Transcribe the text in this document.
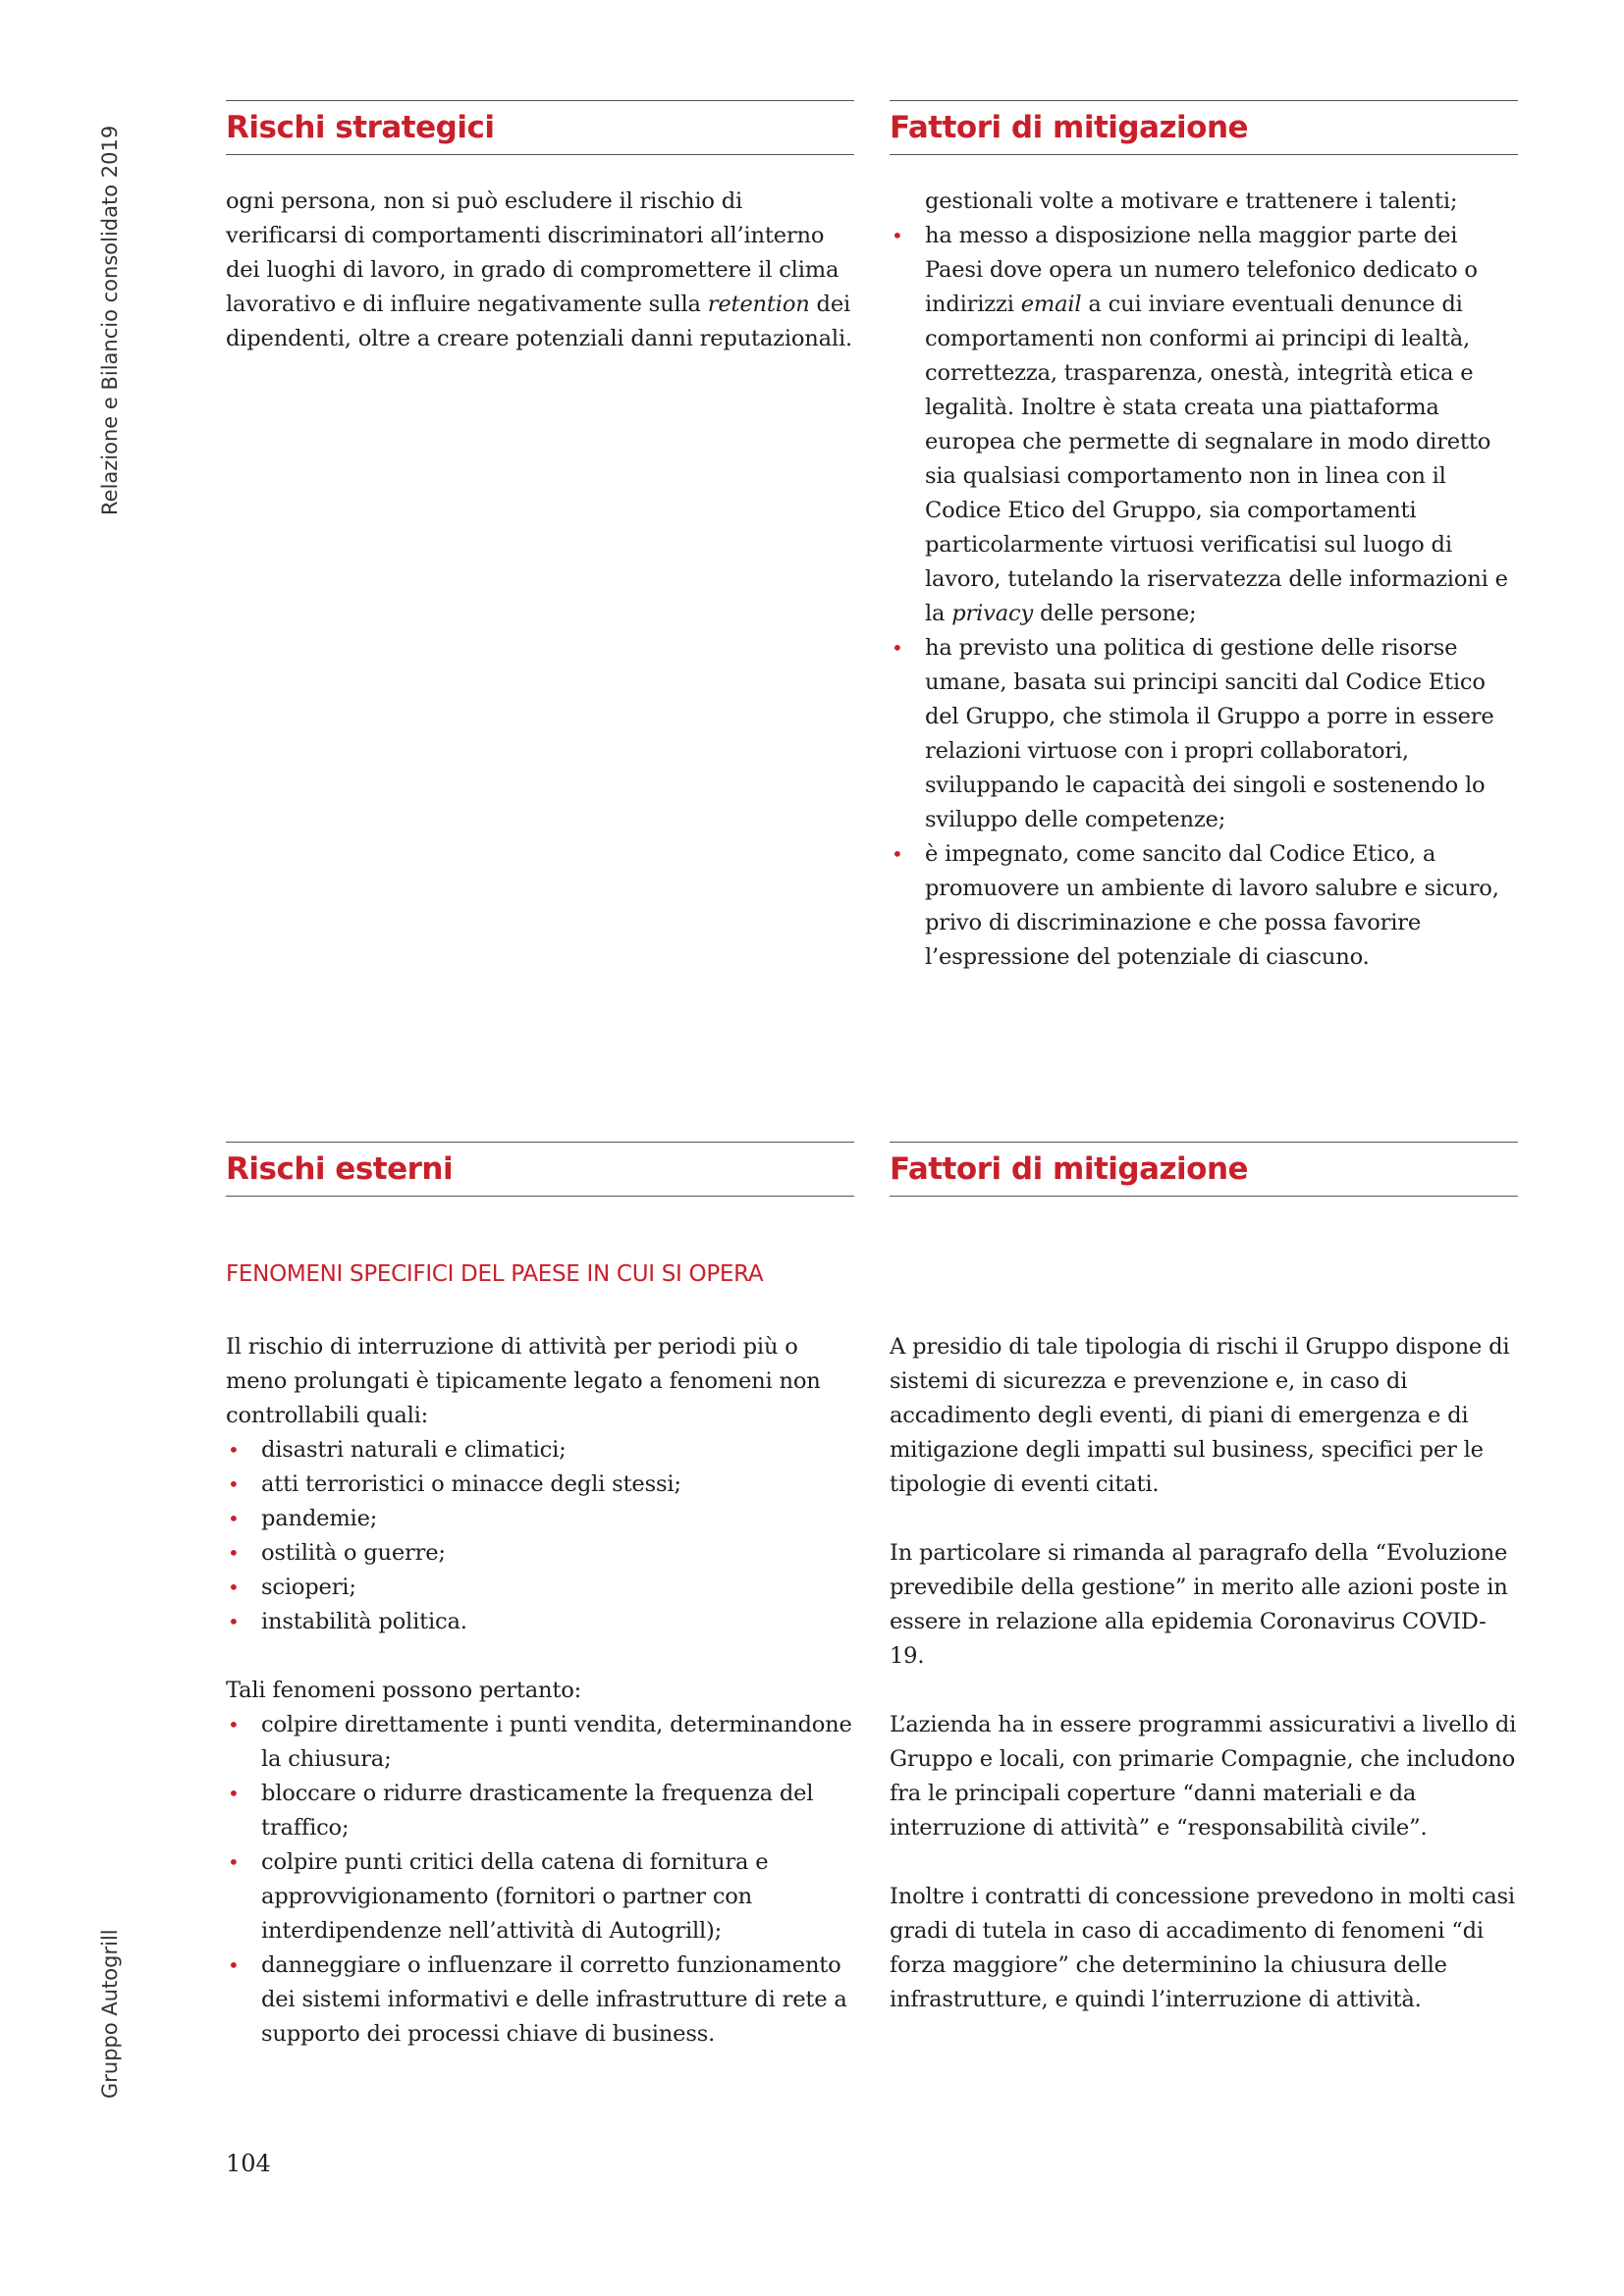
Relazione e Bilancio consolidato 2019
Gruppo Autogrill
Rischi strategici

ogni persona, non si può escludere il rischio di verificarsi di comportamenti discriminatori all’interno dei luoghi di lavoro, in grado di compromettere il clima lavorativo e di influire negativamente sulla retention dei dipendenti, oltre a creare potenziali danni reputazionali.

Fattori di mitigazione
gestionali volte a motivare e trattenere i talenti;
• ha messo a disposizione nella maggior parte dei Paesi dove opera un numero telefonico dedicato o indirizzi email a cui inviare eventuali denunce di comportamenti non conformi ai principi di lealtà, correttezza, trasparenza, onestà, integrità etica e legalità. Inoltre è stata creata una piattaforma europea che permette di segnalare in modo diretto sia qualsiasi comportamento non in linea con il Codice Etico del Gruppo, sia comportamenti particolarmente virtuosi verificatisi sul luogo di lavoro, tutelando la riservatezza delle informazioni e la privacy delle persone;
• ha previsto una politica di gestione delle risorse umane, basata sui principi sanciti dal Codice Etico del Gruppo, che stimola il Gruppo a porre in essere relazioni virtuose con i propri collaboratori, sviluppando le capacità dei singoli e sostenendo lo sviluppo delle competenze;
• è impegnato, come sancito dal Codice Etico, a promuovere un ambiente di lavoro salubre e sicuro, privo di discriminazione e che possa favorire l’espressione del potenziale di ciascuno.
Rischi esterni
FENOMENI SPECIFICI DEL PAESE IN CUI SI OPERA

Il rischio di interruzione di attività per periodi più o meno prolungati è tipicamente legato a fenomeni non controllabili quali:

• disastri naturali e climatici;
• atti terroristici o minacce degli stessi;
• pandemie;
• ostilità o guerre;
• scioperi;
• instabilità politica.

Tali fenomeni possono pertanto:

• colpire direttamente i punti vendita, determinandone la chiusura;
• bloccare o ridurre drasticamente la frequenza del traffico;
• colpire punti critici della catena di fornitura e approvvigionamento (fornitori o partner con interdipendenze nell’attività di Autogrill);
• danneggiare o influenzare il corretto funzionamento dei sistemi informativi e delle infrastrutture di rete a supporto dei processi chiave di business.
Fattori di mitigazione

A presidio di tale tipologia di rischi il Gruppo dispone di sistemi di sicurezza e prevenzione e, in caso di accadimento degli eventi, di piani di emergenza e di mitigazione degli impatti sul business, specifici per le tipologie di eventi citati.

In particolare si rimanda al paragrafo della “Evoluzione prevedibile della gestione” in merito alle azioni poste in essere in relazione alla epidemia Coronavirus COVID-19.

L’azienda ha in essere programmi assicurativi a livello di Gruppo e locali, con primarie Compagnie, che includono fra le principali coperture “danni materiali e da interruzione di attività” e “responsabilità civile”.

Inoltre i contratti di concessione prevedono in molti casi gradi di tutela in caso di accadimento di fenomeni “di forza maggiore” che determinino la chiusura delle infrastrutture, e quindi l’interruzione di attività.

104
